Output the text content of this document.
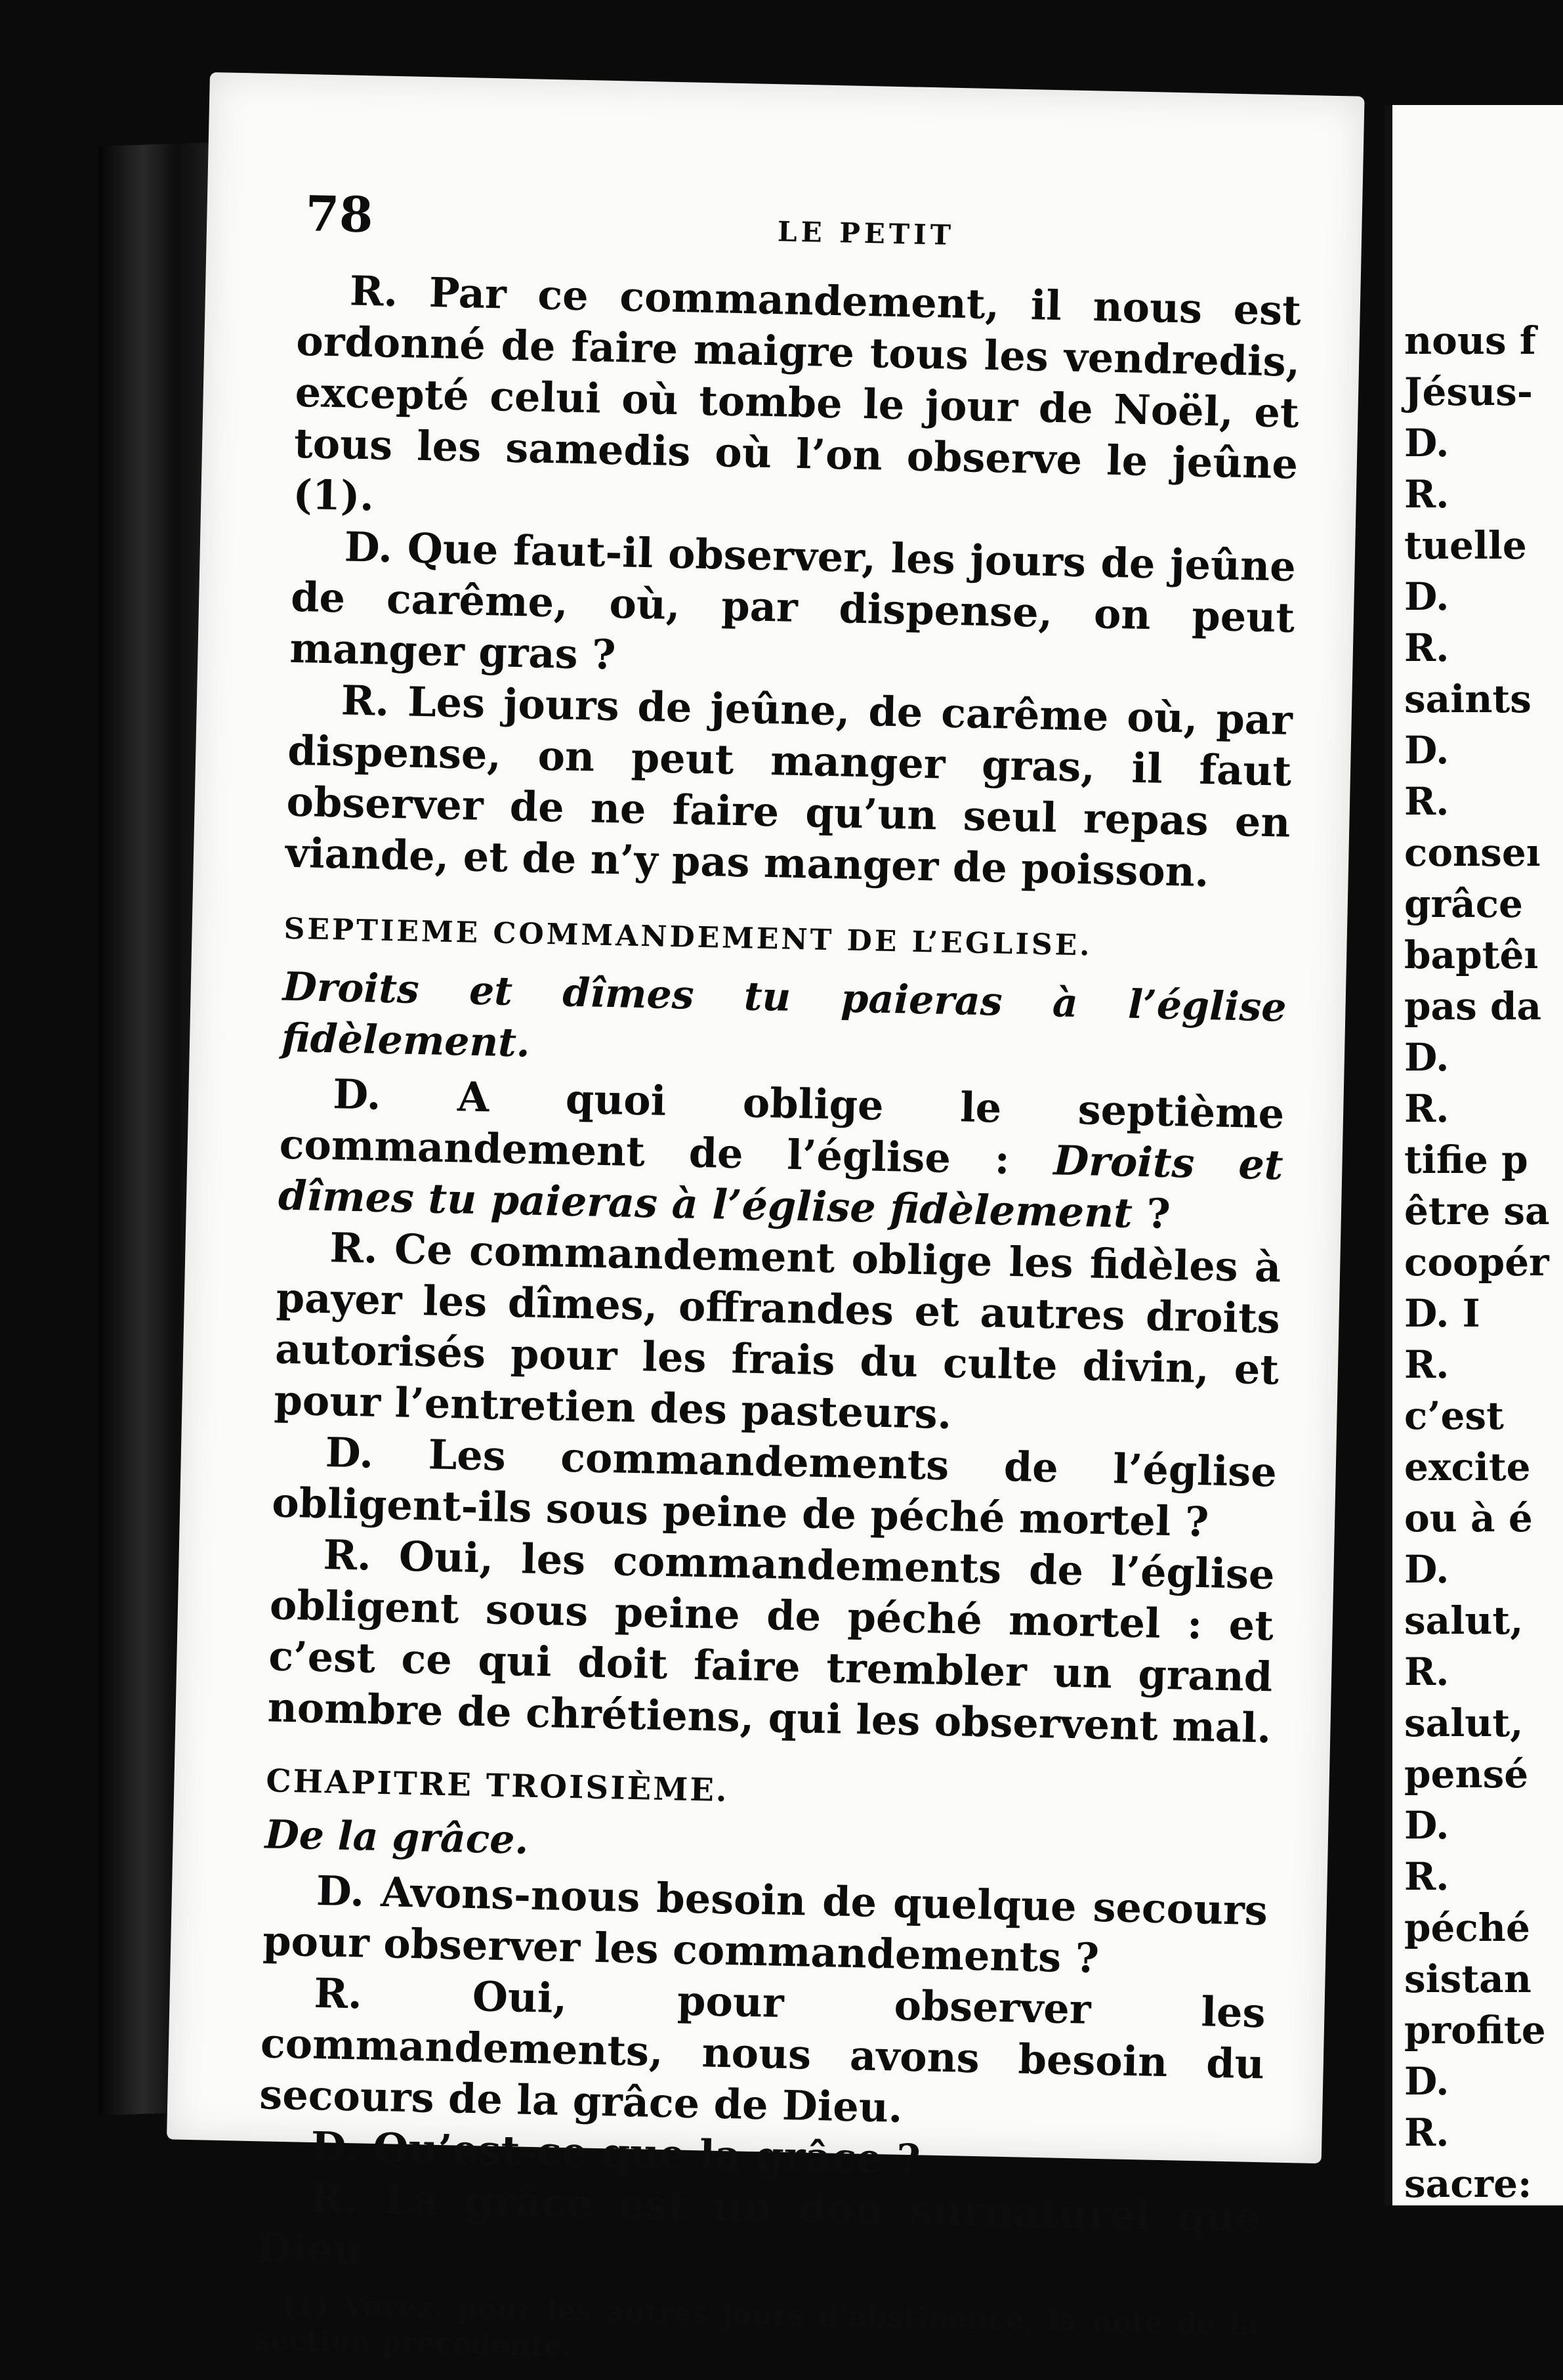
78	LE PETIT

R. Par ce commandement, il nous est ordonné de faire maigre tous les vendredis, excepté celui où tombe le jour de Noël, et tous les samedis où l’on observe le jeûne (1).

D. Que faut-il observer, les jours de jeûne de carême, où, par dispense, on peut manger gras ?

R. Les jours de jeûne, de carême où, par dispense, on peut manger gras, il faut observer de ne faire qu’un seul repas en viande, et de n’y pas manger de poisson.

SEPTIEME COMMANDEMENT DE L’EGLISE.

Droits et dîmes tu paieras à l’église fidèlement.

D. A quoi oblige le septième commandement de l’église : Droits et dîmes tu paieras à l’église fidèlement ?

R. Ce commandement oblige les fidèles à payer les dîmes, offrandes et autres droits autorisés pour les frais du culte divin, et pour l’entretien des pasteurs.

D. Les commandements de l’église obligent-ils sous peine de péché mortel ?

R. Oui, les commandements de l’église obligent sous peine de péché mortel : et c’est ce qui doit faire trembler un grand nombre de chrétiens, qui les observent mal.

CHAPITRE TROISIÈME.

De la grâce.

D. Avons-nous besoin de quelque secours pour observer les commandements ?

R. Oui, pour observer les commandements, nous avons besoin du secours de la grâce de Dieu.

D. Qu’est-ce que la grâce ?

R. La grâce est un don surnaturel que Dieu

(1) Voyez, pour les autres jours d’abstinence, la note de la section précédente.

nous f
Jésus-
D.
R.
tuelle
D.
R.
saints
D.
R.
conseı
grâce
baptêı
pas da
D.
R.
tifie p
être sa
coopér
D. I
R.
c’est
excite
ou à é
D.
salut,
R.
salut,
pensé
D.
R.
péché
sistan
profite
D.
R.
sacre:
